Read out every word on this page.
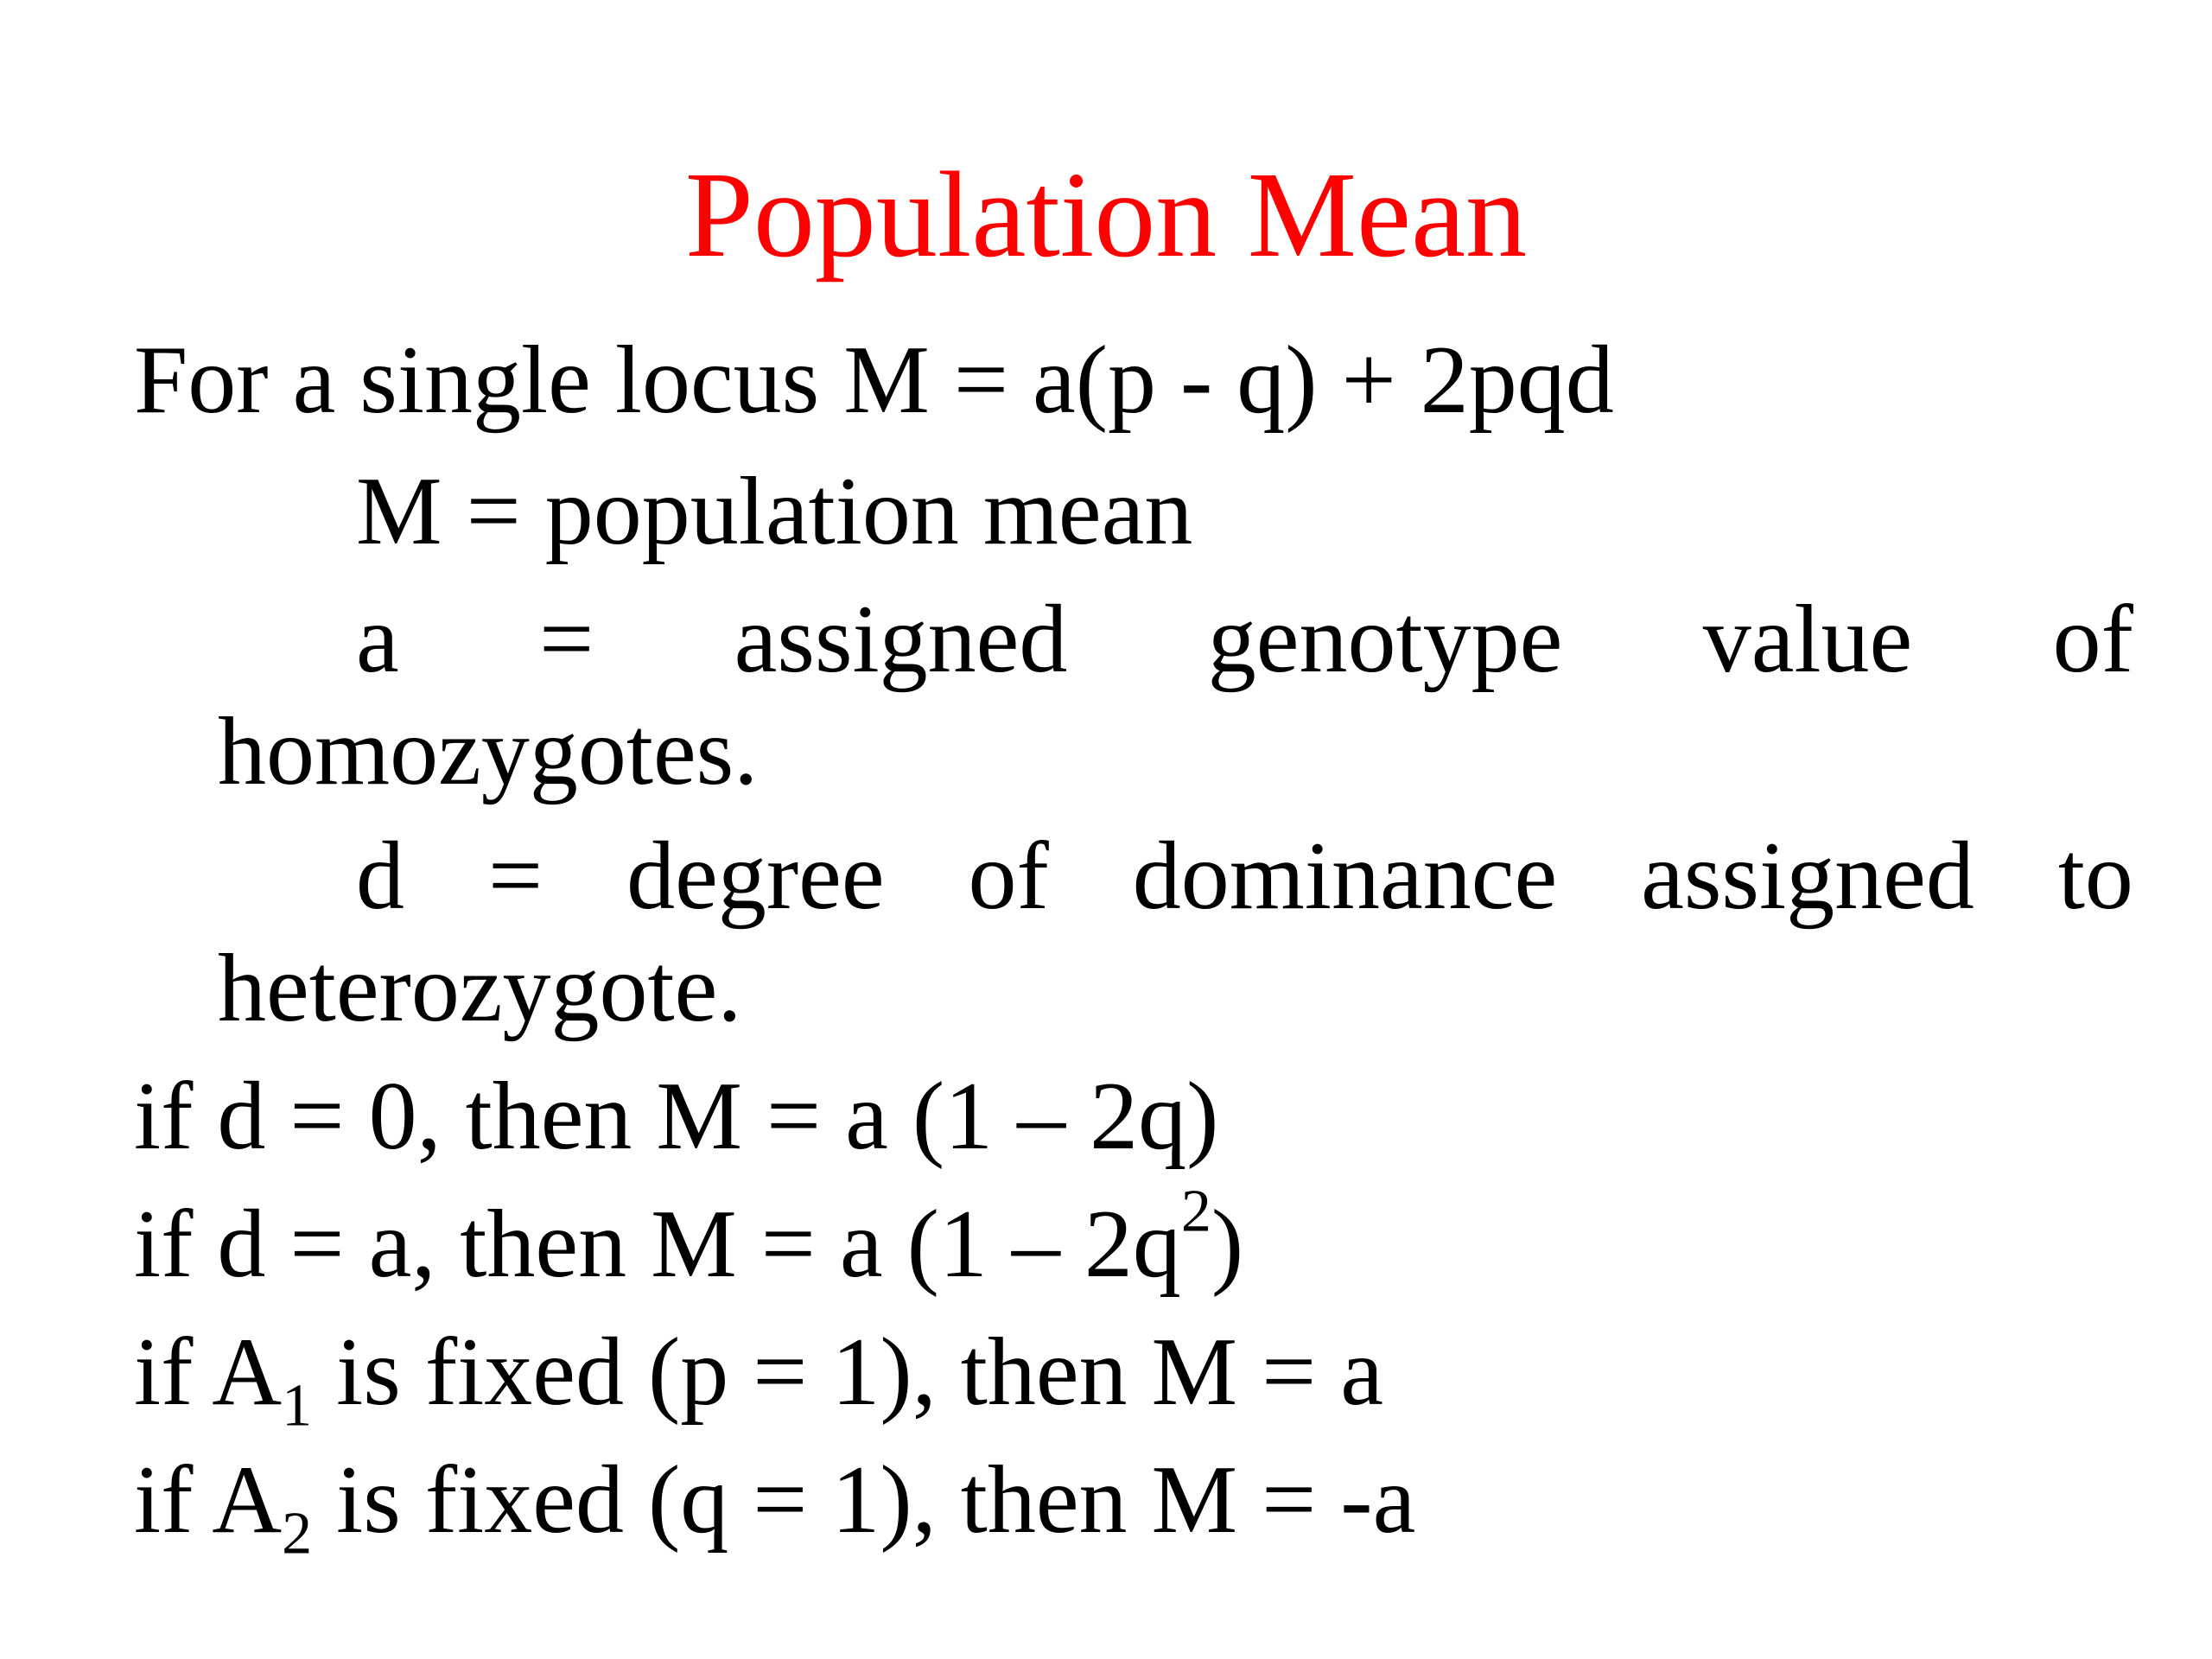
Population Mean
For a single locus M = a(p - q) + 2pqd
M = population mean
a = assigned genotype value of
homozygotes.
d = degree of dominance assigned to
heterozygote.
if d = 0, then M = a (1 – 2q)
if d = a, then M = a $(1 - 2q^2)$
if $A_1$ is fixed (p = 1), then M = a
if $A_2$ is fixed (q = 1), then M = -a
